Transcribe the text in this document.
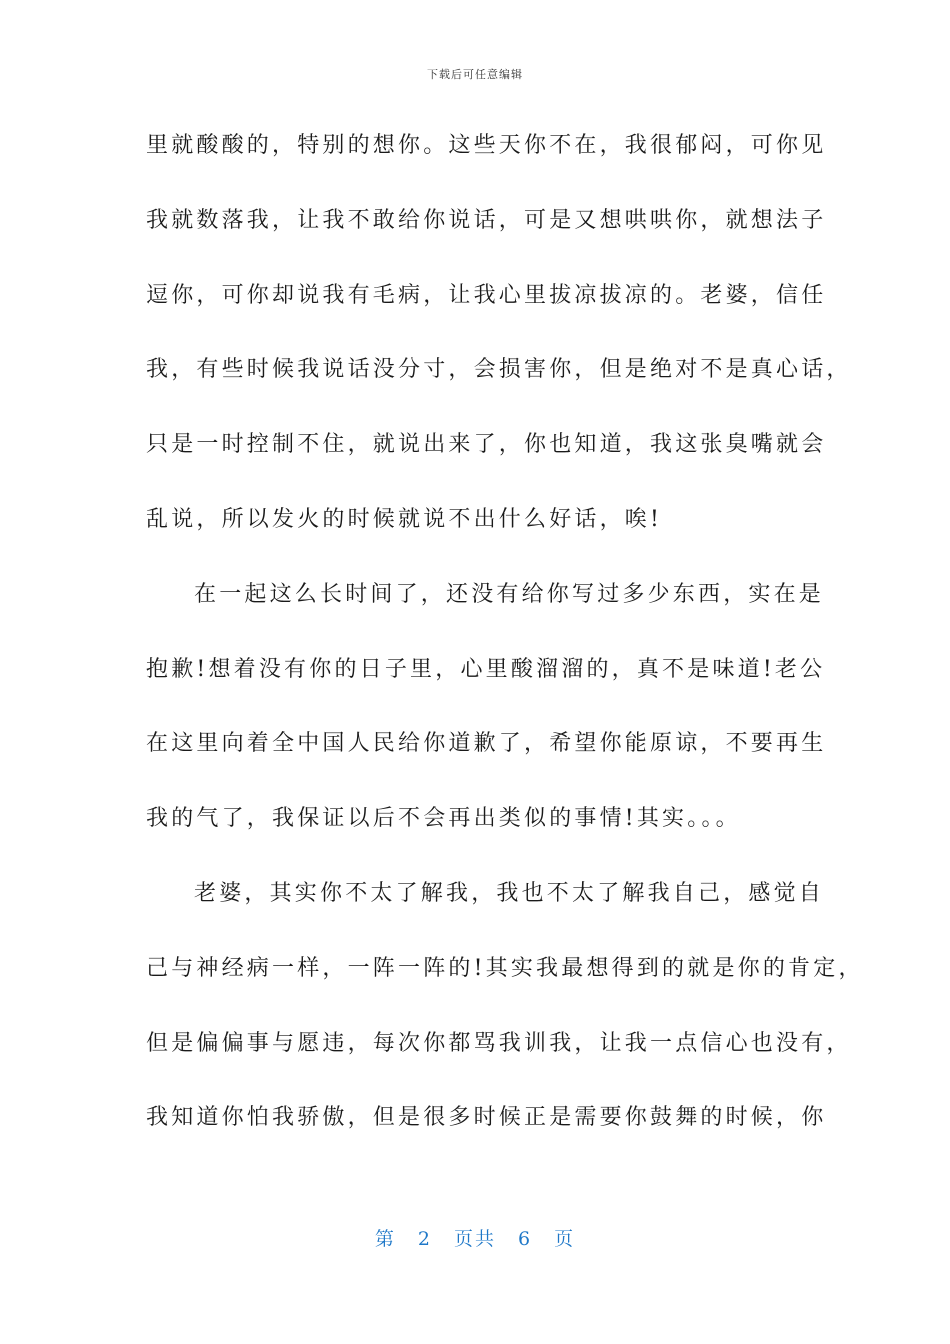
下载后可任意编辑
里就酸酸的，特别的想你。这些天你不在，我很郁闷，可你见
我就数落我，让我不敢给你说话，可是又想哄哄你，就想法子
逗你，可你却说我有毛病，让我心里拔凉拔凉的。老婆，信任
我，有些时候我说话没分寸，会损害你，但是绝对不是真心话，
只是一时控制不住，就说出来了，你也知道，我这张臭嘴就会
乱说，所以发火的时候就说不出什么好话，唉!
在一起这么长时间了，还没有给你写过多少东西，实在是
抱歉!想着没有你的日子里，心里酸溜溜的，真不是味道!老公
在这里向着全中国人民给你道歉了，希望你能原谅，不要再生
我的气了，我保证以后不会再出类似的事情!其实。。。
老婆，其实你不太了解我，我也不太了解我自己，感觉自
己与神经病一样，一阵一阵的!其实我最想得到的就是你的肯定，
但是偏偏事与愿违，每次你都骂我训我，让我一点信心也没有，
我知道你怕我骄傲，但是很多时候正是需要你鼓舞的时候，你
第 2 页共 6 页
